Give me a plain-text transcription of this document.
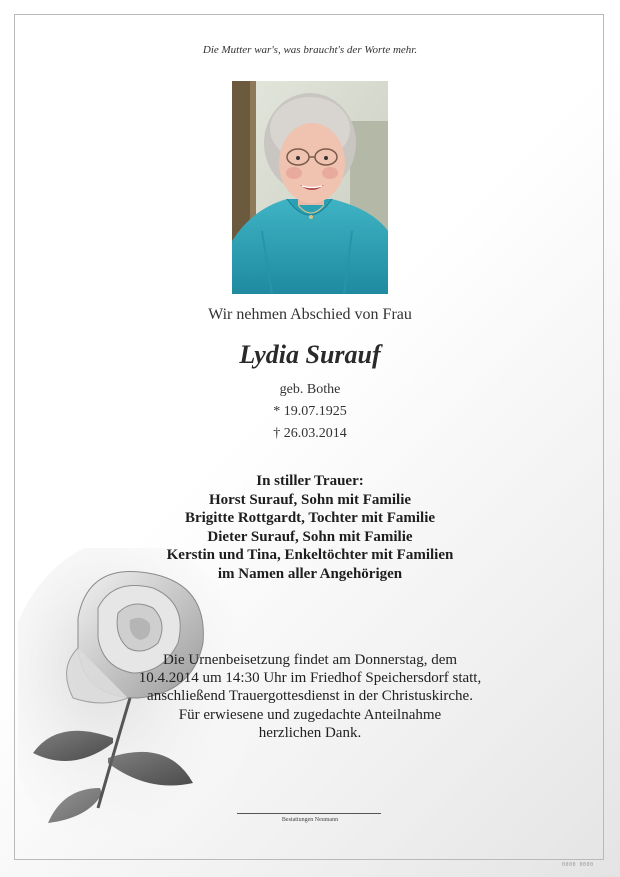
Die Mutter war's, was braucht's der Worte mehr.
Wir nehmen Abschied von Frau
Lydia Surauf
geb. Bothe
* 19.07.1925
† 26.03.2014
In stiller Trauer:
Horst Surauf, Sohn mit Familie
Brigitte Rottgardt, Tochter mit Familie
Dieter Surauf, Sohn mit Familie
Kerstin und Tina, Enkeltöchter mit Familien
im Namen aller Angehörigen
Die Urnenbeisetzung findet am Donnerstag, dem
10.4.2014 um 14:30 Uhr im Friedhof Speichersdorf statt,
anschließend Trauergottesdienst in der Christuskirche.
Für erwiesene und zugedachte Anteilnahme
herzlichen Dank.
Bestattungen Neumann
0000 0000
